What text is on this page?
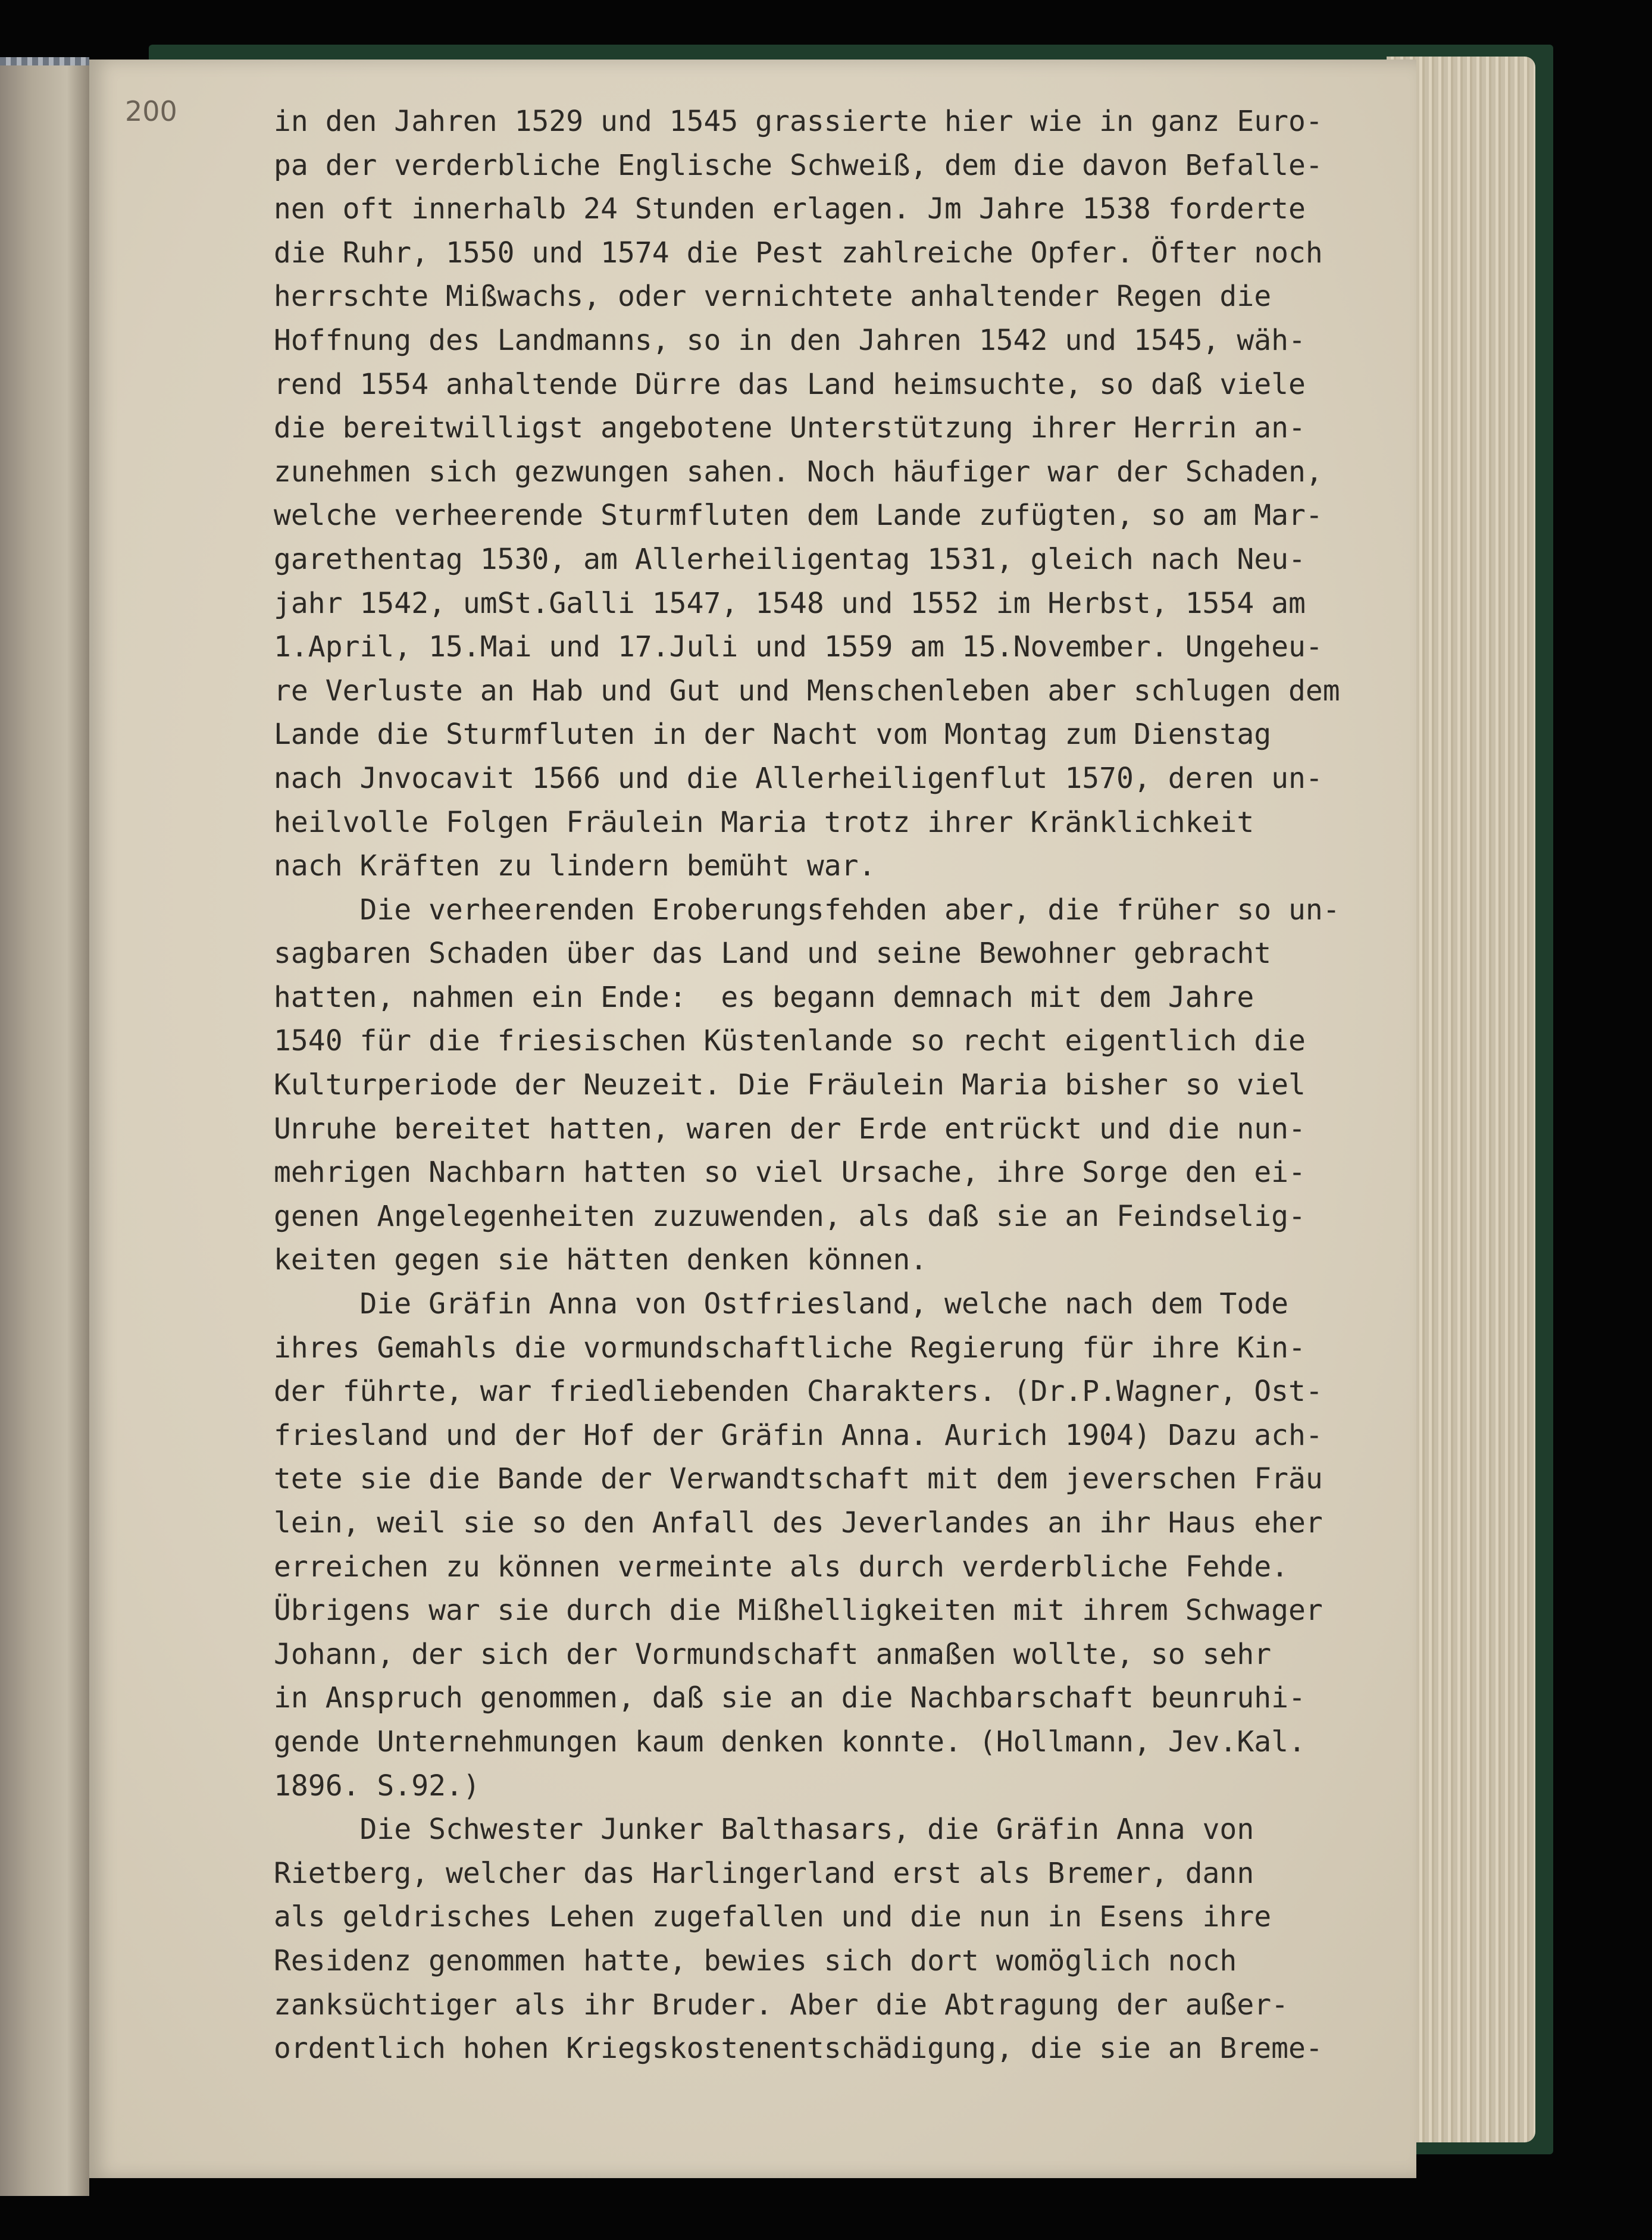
200	in den Jahren 1529 und 1545 grassierte hier wie in ganz Euro-
pa der verderbliche Englische Schweiß, dem die davon Befalle-
nen oft innerhalb 24 Stunden erlagen. Jm Jahre 1538 forderte
die Ruhr, 1550 und 1574 die Pest zahlreiche Opfer. Öfter noch
herrschte Mißwachs, oder vernichtete anhaltender Regen die
Hoffnung des Landmanns, so in den Jahren 1542 und 1545, wäh-
rend 1554 anhaltende Dürre das Land heimsuchte, so daß viele
die bereitwilligst angebotene Unterstützung ihrer Herrin an-
zunehmen sich gezwungen sahen. Noch häufiger war der Schaden,
welche verheerende Sturmfluten dem Lande zufügten, so am Mar-
garethentag 1530, am Allerheiligentag 1531, gleich nach Neu-
jahr 1542, umSt.Galli 1547, 1548 und 1552 im Herbst, 1554 am
1.April, 15.Mai und 17.Juli und 1559 am 15.November. Ungeheu-
re Verluste an Hab und Gut und Menschenleben aber schlugen dem
Lande die Sturmfluten in der Nacht vom Montag zum Dienstag
nach Jnvocavit 1566 und die Allerheiligenflut 1570, deren un-
heilvolle Folgen Fräulein Maria trotz ihrer Kränklichkeit
nach Kräften zu lindern bemüht war.
Die verheerenden Eroberungsfehden aber, die früher so un-
sagbaren Schaden über das Land und seine Bewohner gebracht
hatten, nahmen ein Ende:  es begann demnach mit dem Jahre
1540 für die friesischen Küstenlande so recht eigentlich die
Kulturperiode der Neuzeit. Die Fräulein Maria bisher so viel
Unruhe bereitet hatten, waren der Erde entrückt und die nun-
mehrigen Nachbarn hatten so viel Ursache, ihre Sorge den ei-
genen Angelegenheiten zuzuwenden, als daß sie an Feindselig-
keiten gegen sie hätten denken können.
Die Gräfin Anna von Ostfriesland, welche nach dem Tode
ihres Gemahls die vormundschaftliche Regierung für ihre Kin-
der führte, war friedliebenden Charakters. (Dr.P.Wagner, Ost-
friesland und der Hof der Gräfin Anna. Aurich 1904) Dazu ach-
tete sie die Bande der Verwandtschaft mit dem jeverschen Fräu
lein, weil sie so den Anfall des Jeverlandes an ihr Haus eher
erreichen zu können vermeinte als durch verderbliche Fehde.
Übrigens war sie durch die Mißhelligkeiten mit ihrem Schwager
Johann, der sich der Vormundschaft anmaßen wollte, so sehr
in Anspruch genommen, daß sie an die Nachbarschaft beunruhi-
gende Unternehmungen kaum denken konnte. (Hollmann, Jev.Kal.
1896. S.92.)
Die Schwester Junker Balthasars, die Gräfin Anna von
Rietberg, welcher das Harlingerland erst als Bremer, dann
als geldrisches Lehen zugefallen und die nun in Esens ihre
Residenz genommen hatte, bewies sich dort womöglich noch
zanksüchtiger als ihr Bruder. Aber die Abtragung der außer-
ordentlich hohen Kriegskostenentschädigung, die sie an Breme-
